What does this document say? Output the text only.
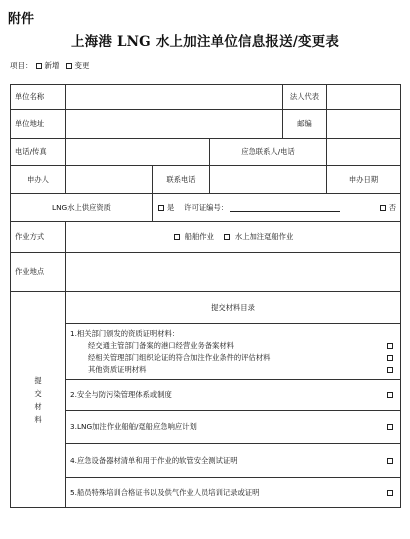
附件
上海港 LNG 水上加注单位信息报送/变更表
项目： 新增 变更
单位名称				法人代表	
单位地址				邮编	
电话/传真			应急联系人/电话		
申办人		联系电话			申办日期
LNG水上供应资质		是 许可证编号： 否			

作业方式	船舶作业 水上加注趸船作业				

作业地点					
提交材料	提交材料目录				

	1.相关部门颁发的资质证明材料：
经交通主管部门备案的港口经营业务备案材料
经相关管理部门组织论证的符合加注作业条件的评估材料
其他资质证明材料				

	2.安全与防污染管理体系或制度				

	3.LNG加注作业船舶/趸船应急响应计划				

	4.应急设备器材清单和用于作业的软管安全测试证明				

	5.船员特殊培训合格证书以及供气作业人员培训记录或证明				
